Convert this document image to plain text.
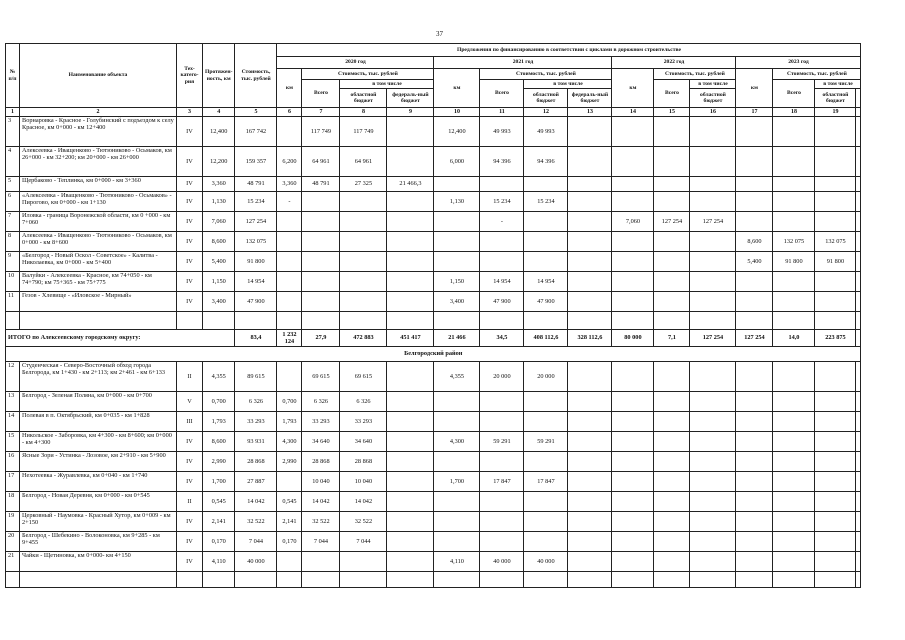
37
№ п/п	Наименование объекта	Тех-катего-рия	Протяжен-ность, км	Стоимость, тыс. рублей	Предложения по финансированию в соответствии с циклами в дорожном строительстве														
					2020 год				2021 год				2022 год			2023 год			
					км	Стоимость, тыс. рублей			км	Стоимость, тыс. рублей			км	Стоимость, тыс. рублей		км	Стоимость, тыс. рублей		
						Всего	в том числе			Всего	в том числе			Всего	в том числе		Всего	в том числе	
							областной бюджет	федераль-ный бюджет			областной бюджет	федераль-ный бюджет			областной бюджет			областной бюджет	
1	2	3	4	5	6	7	8	9	10	11	12	13	14	15	16	17	18	19	
3	Ворнаровка - Красное - Голубинский с подъездом к селу Красное, км 0+000 - км 12+400	IV	12,400	167 742		117 749	117 749		12,400	49 993	49 993								
4	Алексеевка - Иващенково - Тютюниково - Осьмаков, км 26+000 - км 32+200; км 20+000 - км 26+000	IV	12,200	159 357	6,200	64 961	64 961		6,000	94 396	94 396								
5	Щербаково - Теплинка, км 0+000 - км 3+360	IV	3,360	48 791	3,360	48 791	27 325	21 466,3											
6	«Алексеевка - Иващенково - Тютюниково - Осьмаков» - Пирогово, км 0+000 - км 1+130	IV	1,130	15 234	-				1,130	15 234	15 234								
7	Иловка - граница Воронежской области, км 0 +000 - км 7+060	IV	7,060	127 254						-			7,060	127 254	127 254				
8	Алексеевка - Иващенково - Тютюниково - Осьмаков, км 0+000 - км 8+600	IV	8,600	132 075												8,600	132 075	132 075	
9	«Белгород - Новый Оскол - Советское» - Калитва - Николаевка, км 0+000 - км 5+400	IV	5,400	91 800												5,400	91 800	91 800	
10	Валуйки - Алексеевка - Красное, км 74+050 - км 74+790; км 75+365 - км 75+775	IV	1,150	14 954					1,150	14 954	14 954								
11	Гезов - Хлевище - «Иловское - Мирный»	IV	3,400	47 900					3,400	47 900	47 900								

ИТОГО по Алексеевскому городскому округу:				83,4	1 232 124	27,9	472 883	451 417	21 466	34,5	408 112,6	328 112,6	80 000	7,1	127 254	127 254	14,0	223 875	
Белгородский район																			
12	Студенческая - Северо-Восточный обход города Белгорода, км 1+430 - км 2+113; км 2+461 - км 6+133	II	4,355	89 615		69 615	69 615		4,355	20 000	20 000								
13	Белгород - Зеленая Поляна, км 0+000 - км 0+700	V	0,700	6 326	0,700	6 326	6 326												
14	Полевая в п. Октябрьский, км 0+035 - км 1+828	III	1,793	33 293	1,793	33 293	33 293												
15	Никольское - Заборовка, км 4+300 - км 8+600; км 0+000 - км 4+300	IV	8,600	93 931	4,300	34 640	34 640		4,300	59 291	59 291								
16	Ясные Зори - Устинка - Лозовое, км 2+910 - км 5+900	IV	2,990	28 868	2,990	28 868	28 868												
17	Нехотеевка - Журавлевка, км 0+040 - км 1+740	IV	1,700	27 887		10 040	10 040		1,700	17 847	17 847								
18	Белгород - Новая Деревня, км 0+000 - км 0+545	II	0,545	14 042	0,545	14 042	14 042												
19	Церковный - Наумовка - Красный Хутор, км 0+009 - км 2+150	IV	2,141	32 522	2,141	32 522	32 522												
20	Белгород - Шебекино - Волоконовка, км 9+285 - км 9+455	IV	0,170	7 044	0,170	7 044	7 044												
21	Чайки - Щетиновка, км 0+000- км 4+150	IV	4,110	40 000					4,110	40 000	40 000								
